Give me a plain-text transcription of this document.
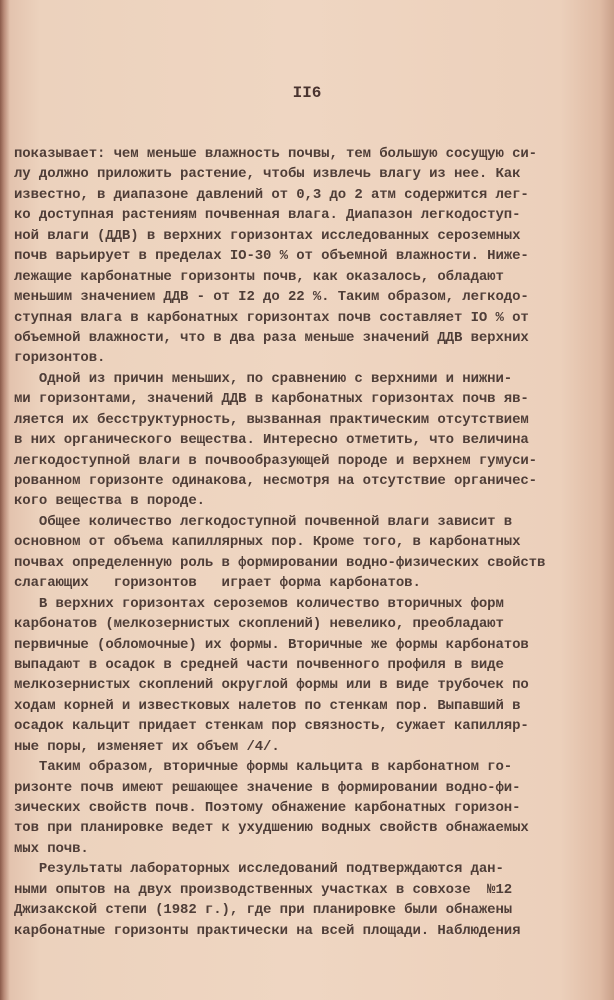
II6
показывает: чем меньше влажность почвы, тем большую сосущую си-
лу должно приложить растение, чтобы извлечь влагу из нее. Как
известно, в диапазоне давлений от 0,3 до 2 атм содержится лег-
ко доступная растениям почвенная влага. Диапазон легкодоступ-
ной влаги (ДДВ) в верхних горизонтах исследованных сероземных
почв варьирует в пределах IO-30 % от объемной влажности. Ниже-
лежащие карбонатные горизонты почв, как оказалось, обладают
меньшим значением ДДВ - от I2 до 22 %. Таким образом, легкодо-
ступная влага в карбонатных горизонтах почв составляет IO % от
объемной влажности, что в два раза меньше значений ДДВ верхних
горизонтов.
Одной из причин меньших, по сравнению с верхними и нижни-
ми горизонтами, значений ДДВ в карбонатных горизонтах почв яв-
ляется их бесструктурность, вызванная практическим отсутствием
в них органического вещества. Интересно отметить, что величина
легкодоступной влаги в почвообразующей породе и верхнем гумуси-
рованном горизонте одинакова, несмотря на отсутствие органичес-
кого вещества в породе.
Общее количество легкодоступной почвенной влаги зависит в
основном от объема капиллярных пор. Кроме того, в карбонатных
почвах определенную роль в формировании водно-физических свойств
слагающих   горизонтов   играет форма карбонатов.
В верхних горизонтах сероземов количество вторичных форм
карбонатов (мелкозернистых скоплений) невелико, преобладают
первичные (обломочные) их формы. Вторичные же формы карбонатов
выпадают в осадок в средней части почвенного профиля в виде
мелкозернистых скоплений округлой формы или в виде трубочек по
ходам корней и известковых налетов по стенкам пор. Выпавший в
осадок кальцит придает стенкам пор связность, сужает капилляр-
ные поры, изменяет их объем /4/.
Таким образом, вторичные формы кальцита в карбонатном го-
ризонте почв имеют решающее значение в формировании водно-фи-
зических свойств почв. Поэтому обнажение карбонатных горизон-
тов при планировке ведет к ухудшению водных свойств обнажаемых
мых почв.
Результаты лабораторных исследований подтверждаются дан-
ными опытов на двух производственных участках в совхозе  №12
Джизакской степи (1982 г.), где при планировке были обнажены
карбонатные горизонты практически на всей площади. Наблюдения
